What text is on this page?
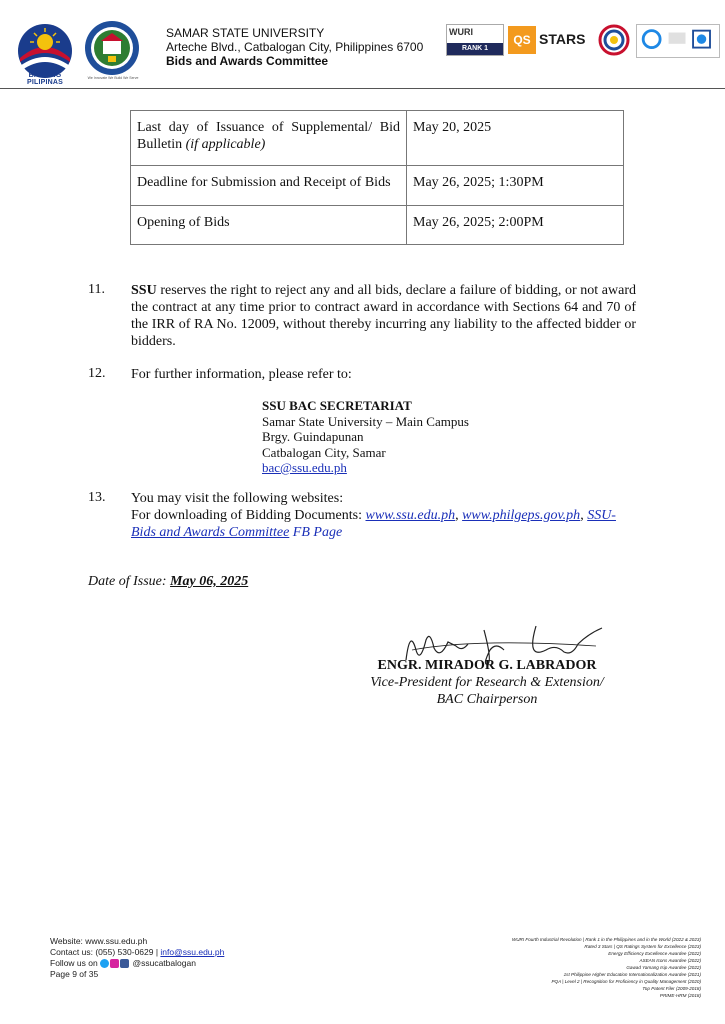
BAGONG PILIPINAS
We Innovate We Build We Serve
SAMAR STATE UNIVERSITY
Arteche Blvd., Catbalogan City, Philippines 6700
Bids and Awards Committee
WURI
RANK 1
QS STARS
Last day of Issuance of Supplemental/ Bid Bulletin (if applicable)	May 20, 2025
Deadline for Submission and Receipt of Bids	May 26, 2025; 1:30PM
Opening of Bids	May 26, 2025; 2:00PM
11. SSU reserves the right to reject any and all bids, declare a failure of bidding, or not award the contract at any time prior to contract award in accordance with Sections 64 and 70 of the IRR of RA No. 12009, without thereby incurring any liability to the affected bidder or bidders.
12. For further information, please refer to:
SSU BAC SECRETARIAT
Samar State University – Main Campus
Brgy. Guindapunan
Catbalogan City, Samar
bac@ssu.edu.ph
13. You may visit the following websites:
For downloading of Bidding Documents: www.ssu.edu.ph, www.philgeps.gov.ph, SSU-Bids and Awards Committee FB Page
Date of Issue: May 06, 2025
ENGR. MIRADOR G. LABRADOR
Vice-President for Research & Extension/
BAC Chairperson
Website: www.ssu.edu.ph
Contact us: (055) 530-0629 | info@ssu.edu.ph
Follow us on	@ssucatbalogan
Page 9 of 35
WURI Fourth Industrial Revolution | Rank 1 in the Philippines and in the World (2022 & 2023)
Rated 3 Stars | QS Ratings System for Excellence (2023)
Energy Efficiency Excellence Awardee (2022)
ASEAN Icons Awardee (2022)
Gawad Yamang Isip Awardee (2022)
1st Philippine Higher Education Internationalization Awardee (2021)
PQA | Level 2 | Recognition for Proficiency in Quality Management (2020)
Top Patent Filer (2009-2018)
PRIME-HRM (2018)
